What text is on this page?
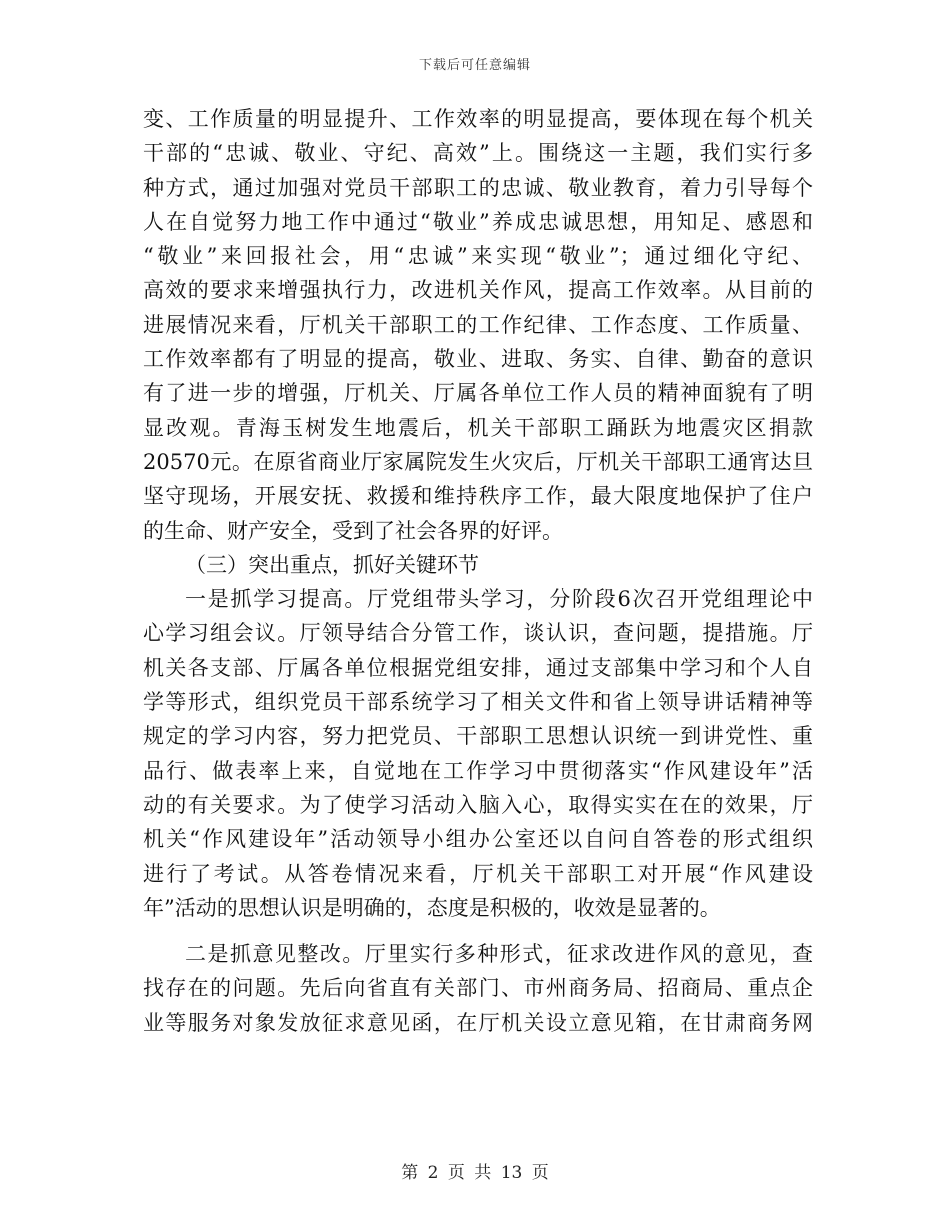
下载后可任意编辑
变、工作质量的明显提升、工作效率的明显提高，要体现在每个机关
干部的“忠诚、敬业、守纪、高效”上。围绕这一主题，我们实行多
种方式，通过加强对党员干部职工的忠诚、敬业教育，着力引导每个
人在自觉努力地工作中通过“敬业”养成忠诚思想，用知足、感恩和
“敬业”来回报社会，用“忠诚”来实现“敬业”；通过细化守纪、
高效的要求来增强执行力，改进机关作风，提高工作效率。从目前的
进展情况来看，厅机关干部职工的工作纪律、工作态度、工作质量、
工作效率都有了明显的提高，敬业、进取、务实、自律、勤奋的意识
有了进一步的增强，厅机关、厅属各单位工作人员的精神面貌有了明
显改观。青海玉树发生地震后，机关干部职工踊跃为地震灾区捐款
20570元。在原省商业厅家属院发生火灾后，厅机关干部职工通宵达旦
坚守现场，开展安抚、救援和维持秩序工作，最大限度地保护了住户
的生命、财产安全，受到了社会各界的好评。
（三）突出重点，抓好关键环节
一是抓学习提高。厅党组带头学习，分阶段6次召开党组理论中
心学习组会议。厅领导结合分管工作，谈认识，查问题，提措施。厅
机关各支部、厅属各单位根据党组安排，通过支部集中学习和个人自
学等形式，组织党员干部系统学习了相关文件和省上领导讲话精神等
规定的学习内容，努力把党员、干部职工思想认识统一到讲党性、重
品行、做表率上来，自觉地在工作学习中贯彻落实“作风建设年”活
动的有关要求。为了使学习活动入脑入心，取得实实在在的效果，厅
机关“作风建设年”活动领导小组办公室还以自问自答卷的形式组织
进行了考试。从答卷情况来看，厅机关干部职工对开展“作风建设
年”活动的思想认识是明确的，态度是积极的，收效是显著的。
二是抓意见整改。厅里实行多种形式，征求改进作风的意见，查
找存在的问题。先后向省直有关部门、市州商务局、招商局、重点企
业等服务对象发放征求意见函，在厅机关设立意见箱，在甘肃商务网
第 2 页 共 13 页
